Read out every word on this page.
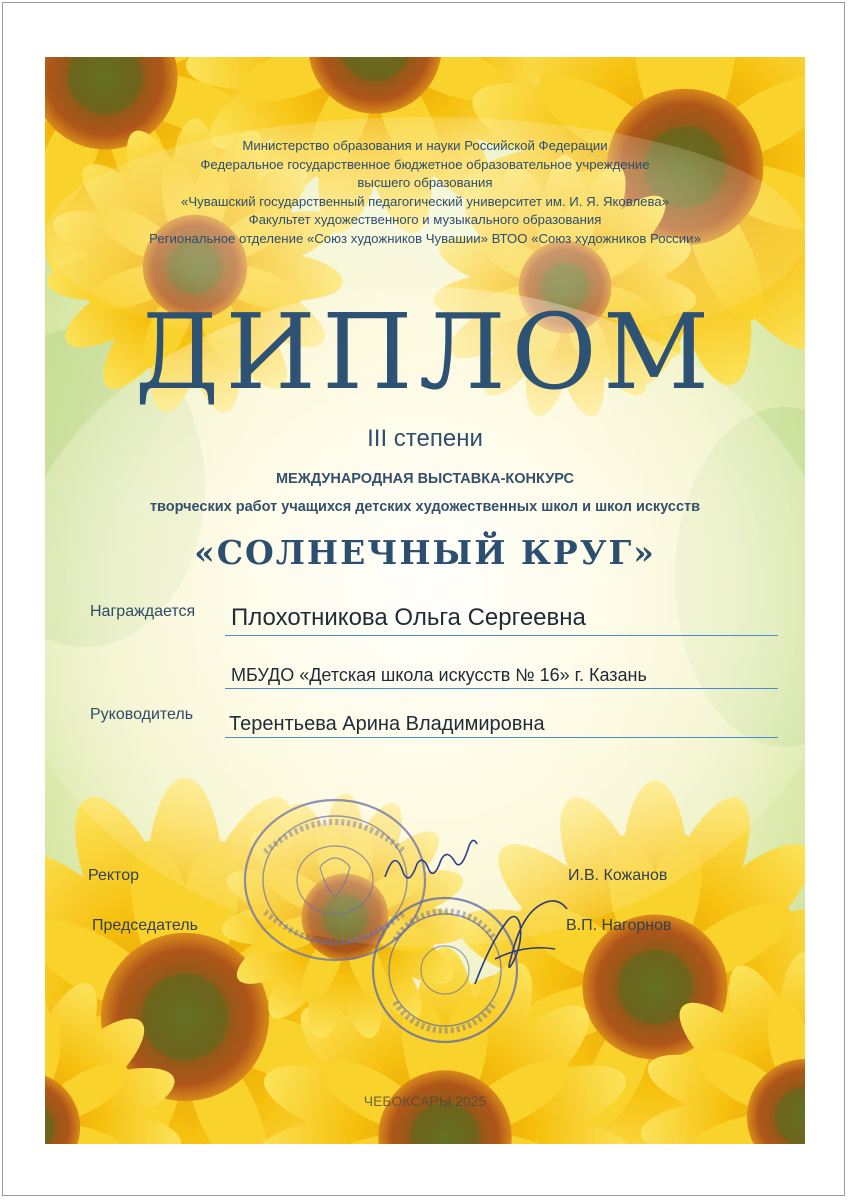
Министерство образования и науки Российской Федерации
Федеральное государственное бюджетное образовательное учреждение
высшего образования
«Чувашский государственный педагогический университет им. И. Я. Яковлева»
Факультет художественного и музыкального образования
Региональное отделение «Союз художников Чувашии» ВТОО «Союз художников России»
ДИПЛОМ
III степени
МЕЖДУНАРОДНАЯ ВЫСТАВКА-КОНКУРС
творческих работ учащихся детских художественных школ и школ искусств
«СОЛНЕЧНЫЙ КРУГ»
Награждается Плохотникова Ольга Сергеевна
МБУДО «Детская школа искусств № 16» г. Казань
Руководитель Терентьева Арина Владимировна
Ректор	И.В. Кожанов
Председатель	В.П. Нагорнов
ЧЕБОКСАРЫ 2025
